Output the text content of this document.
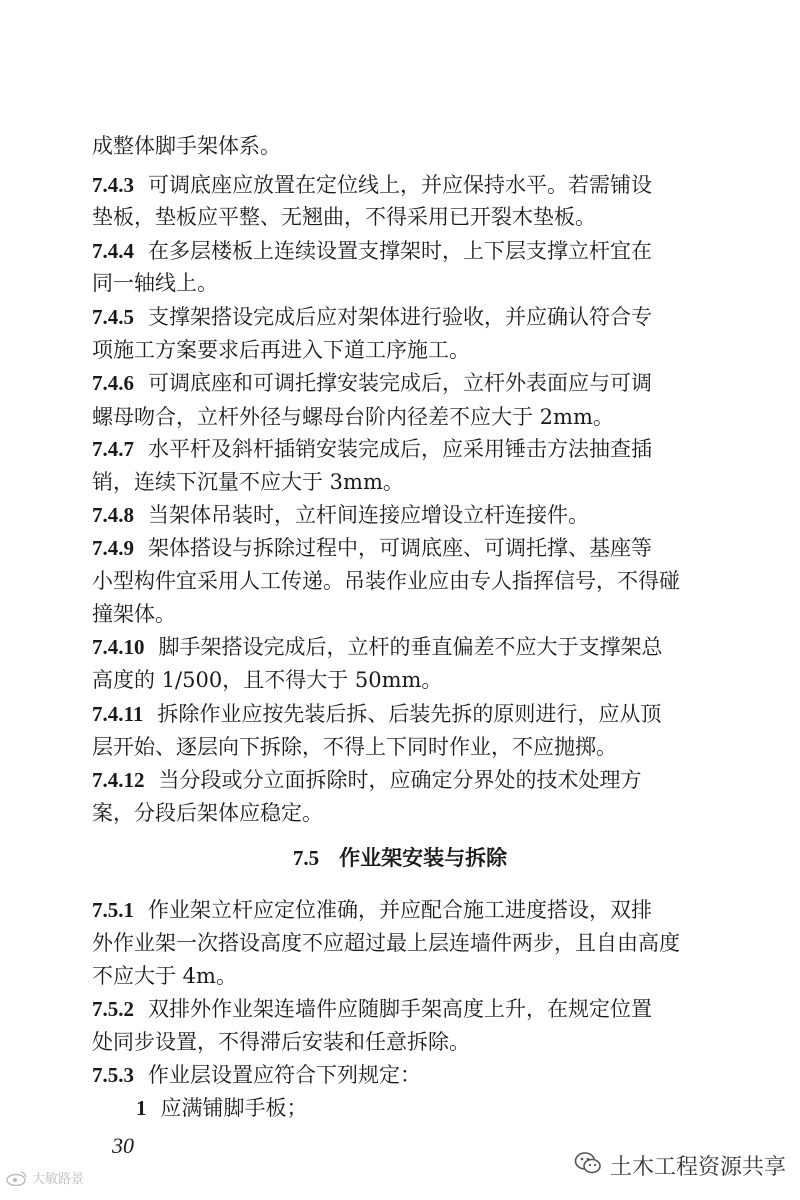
成整体脚手架体系。
7.4.3 可调底座应放置在定位线上，并应保持水平。若需铺设
垫板，垫板应平整、无翘曲，不得采用已开裂木垫板。
7.4.4 在多层楼板上连续设置支撑架时，上下层支撑立杆宜在
同一轴线上。
7.4.5 支撑架搭设完成后应对架体进行验收，并应确认符合专
项施工方案要求后再进入下道工序施工。
7.4.6 可调底座和可调托撑安装完成后，立杆外表面应与可调
螺母吻合，立杆外径与螺母台阶内径差不应大于 2mm。
7.4.7 水平杆及斜杆插销安装完成后，应采用锤击方法抽查插
销，连续下沉量不应大于 3mm。
7.4.8 当架体吊装时，立杆间连接应增设立杆连接件。
7.4.9 架体搭设与拆除过程中，可调底座、可调托撑、基座等
小型构件宜采用人工传递。吊装作业应由专人指挥信号，不得碰
撞架体。
7.4.10 脚手架搭设完成后，立杆的垂直偏差不应大于支撑架总
高度的 1/500，且不得大于 50mm。
7.4.11 拆除作业应按先装后拆、后装先拆的原则进行，应从顶
层开始、逐层向下拆除，不得上下同时作业，不应抛掷。
7.4.12 当分段或分立面拆除时，应确定分界处的技术处理方
案，分段后架体应稳定。
7.5 作业架安装与拆除
7.5.1 作业架立杆应定位准确，并应配合施工进度搭设，双排
外作业架一次搭设高度不应超过最上层连墙件两步，且自由高度
不应大于 4m。
7.5.2 双排外作业架连墙件应随脚手架高度上升，在规定位置
处同步设置，不得滞后安装和任意拆除。
7.5.3 作业层设置应符合下列规定：
1 应满铺脚手板；
30
大敏路景	土木工程资源共享
